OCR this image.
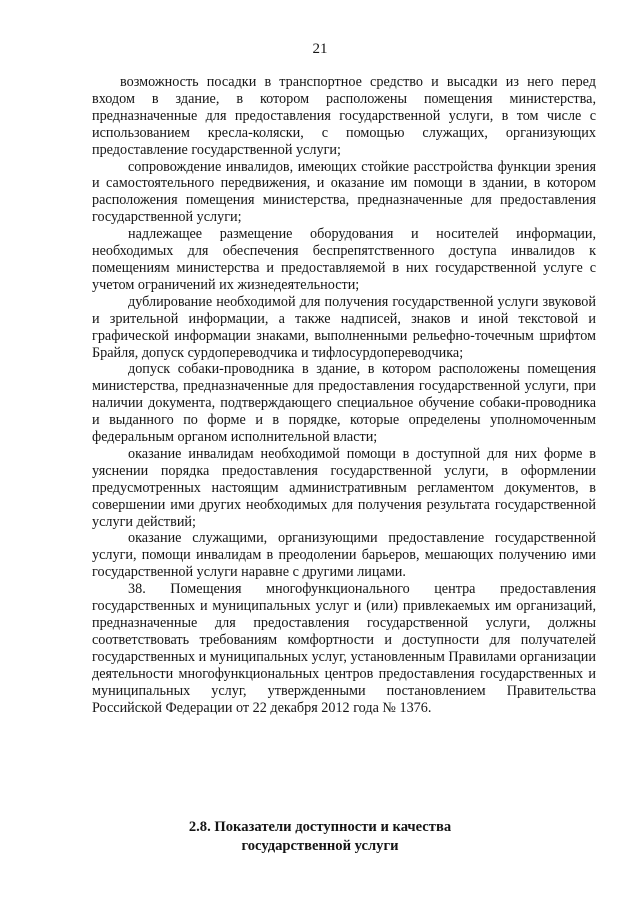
21

возможность посадки в транспортное средство и высадки из него перед входом в здание, в котором расположены помещения министерства, предназначенные для предоставления государственной услуги, в том числе с использованием кресла-коляски, с помощью служащих, организующих предоставление государственной услуги;

сопровождение инвалидов, имеющих стойкие расстройства функции зрения и самостоятельного передвижения, и оказание им помощи в здании, в котором расположения помещения министерства, предназначенные для предоставления государственной услуги;

надлежащее размещение оборудования и носителей информации, необходимых для обеспечения беспрепятственного доступа инвалидов к помещениям министерства и предоставляемой в них государственной услуге с учетом ограничений их жизнедеятельности;

дублирование необходимой для получения государственной услуги звуковой и зрительной информации, а также надписей, знаков и иной текстовой и графической информации знаками, выполненными рельефно-точечным шрифтом Брайля, допуск сурдопереводчика и тифлосурдопереводчика;

допуск собаки-проводника в здание, в котором расположены помещения министерства, предназначенные для предоставления государственной услуги, при наличии документа, подтверждающего специальное обучение собаки-проводника и выданного по форме и в порядке, которые определены уполномоченным федеральным органом исполнительной власти;

оказание инвалидам необходимой помощи в доступной для них форме в уяснении порядка предоставления государственной услуги, в оформлении предусмотренных настоящим административным регламентом документов, в совершении ими других необходимых для получения результата государственной услуги действий;

оказание служащими, организующими предоставление государственной услуги, помощи инвалидам в преодолении барьеров, мешающих получению ими государственной услуги наравне с другими лицами.

38. Помещения многофункционального центра предоставления государственных и муниципальных услуг и (или) привлекаемых им организаций, предназначенные для предоставления государственной услуги, должны соответствовать требованиям комфортности и доступности для получателей государственных и муниципальных услуг, установленным Правилами организации деятельности многофункциональных центров предоставления государственных и муниципальных услуг, утвержденными постановлением Правительства Российской Федерации от 22 декабря 2012 года № 1376.

2.8. Показатели доступности и качества
государственной услуги
